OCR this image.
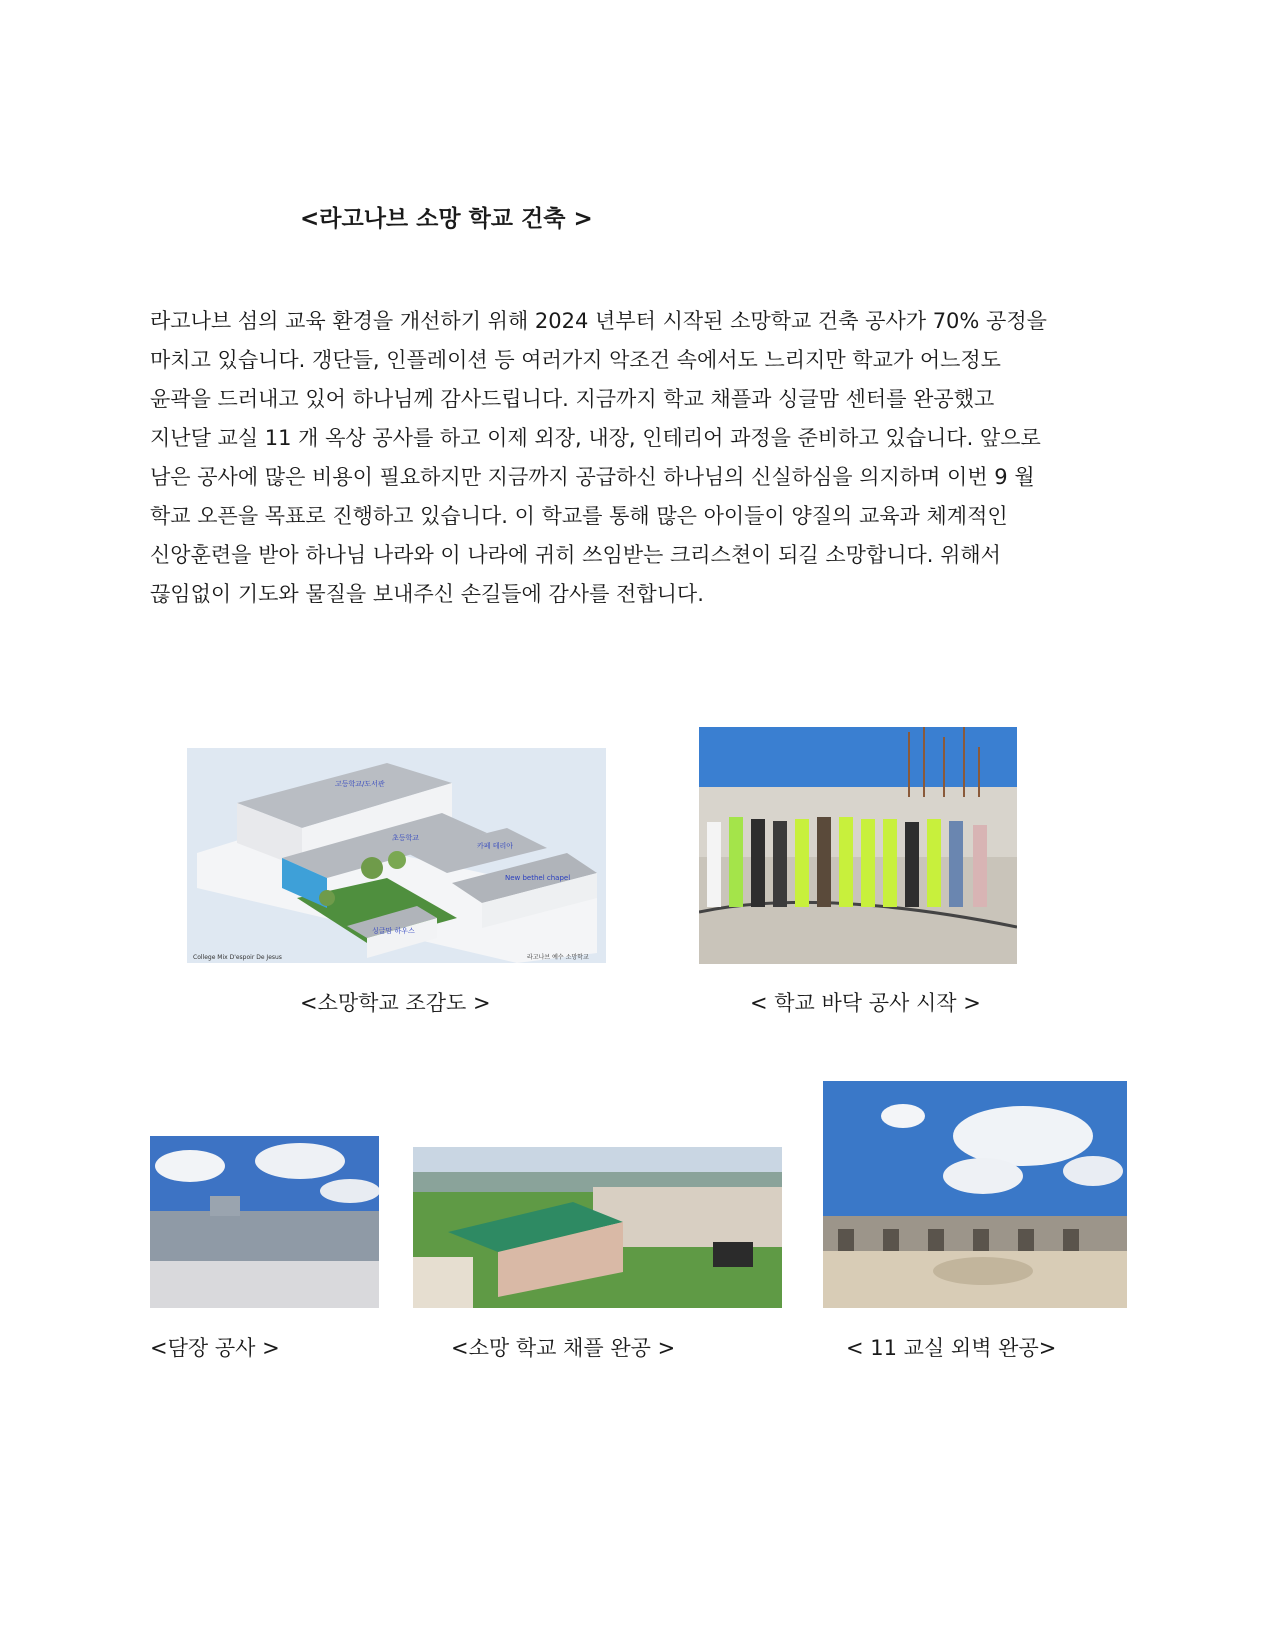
<라고나브 소망 학교 건축 >

라고나브 섬의 교육 환경을 개선하기 위해 2024 년부터 시작된 소망학교 건축 공사가 70% 공정을
마치고 있습니다. 갱단들, 인플레이션 등 여러가지 악조건 속에서도 느리지만 학교가 어느정도
윤곽을 드러내고 있어 하나님께 감사드립니다. 지금까지 학교 채플과 싱글맘 센터를 완공했고
지난달 교실 11 개 옥상 공사를 하고 이제 외장, 내장, 인테리어 과정을 준비하고 있습니다. 앞으로
남은 공사에 많은 비용이 필요하지만 지금까지 공급하신 하나님의 신실하심을 의지하며 이번 9 월
학교 오픈을 목표로 진행하고 있습니다. 이 학교를 통해 많은 아이들이 양질의 교육과 체계적인
신앙훈련을 받아 하나님 나라와 이 나라에 귀히 쓰임받는 크리스쳔이 되길 소망합니다. 위해서
끊임없이 기도와 물질을 보내주신 손길들에 감사를 전합니다.

고등학교/도서관
초등학교
카페 테리아
New bethel chapel
싱글맘 하우스
College Mix D'espoir De Jesus	라고나브 예수 소망학교
<소망학교 조감도 >	< 학교 바닥 공사 시작 >
<담장 공사 >	<소망 학교 채플 완공 >	< 11 교실 외벽 완공>
